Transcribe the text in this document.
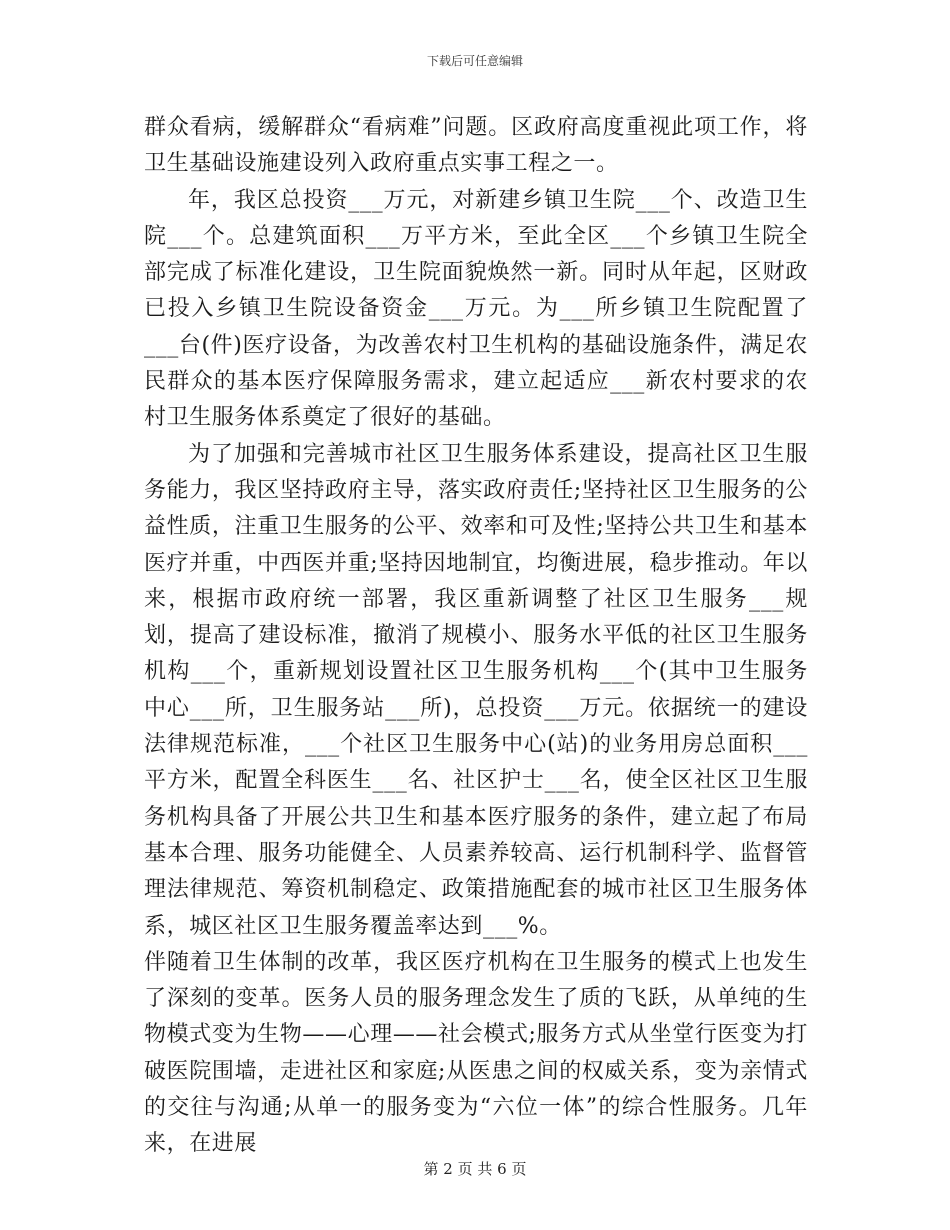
下载后可任意编辑

群众看病，缓解群众“看病难”问题。区政府高度重视此项工作，将卫生基础设施建设列入政府重点实事工程之一。

年，我区总投资___万元，对新建乡镇卫生院___个、改造卫生院___个。总建筑面积___万平方米，至此全区___个乡镇卫生院全部完成了标准化建设，卫生院面貌焕然一新。同时从年起，区财政已投入乡镇卫生院设备资金___万元。为___所乡镇卫生院配置了___台(件)医疗设备，为改善农村卫生机构的基础设施条件，满足农民群众的基本医疗保障服务需求，建立起适应___新农村要求的农村卫生服务体系奠定了很好的基础。

为了加强和完善城市社区卫生服务体系建设，提高社区卫生服务能力，我区坚持政府主导，落实政府责任;坚持社区卫生服务的公益性质，注重卫生服务的公平、效率和可及性;坚持公共卫生和基本医疗并重，中西医并重;坚持因地制宜，均衡进展，稳步推动。年以来，根据市政府统一部署，我区重新调整了社区卫生服务___规划，提高了建设标准，撤消了规模小、服务水平低的社区卫生服务机构___个，重新规划设置社区卫生服务机构___个(其中卫生服务中心___所，卫生服务站___所)，总投资___万元。依据统一的建设法律规范标准，___个社区卫生服务中心(站)的业务用房总面积___平方米，配置全科医生___名、社区护士___名，使全区社区卫生服务机构具备了开展公共卫生和基本医疗服务的条件，建立起了布局基本合理、服务功能健全、人员素养较高、运行机制科学、监督管理法律规范、筹资机制稳定、政策措施配套的城市社区卫生服务体系，城区社区卫生服务覆盖率达到___%。

伴随着卫生体制的改革，我区医疗机构在卫生服务的模式上也发生了深刻的变革。医务人员的服务理念发生了质的飞跃，从单纯的生物模式变为生物——心理——社会模式;服务方式从坐堂行医变为打破医院围墙，走进社区和家庭;从医患之间的权威关系，变为亲情式的交往与沟通;从单一的服务变为“六位一体”的综合性服务。几年来，在进展

第 2 页 共 6 页
